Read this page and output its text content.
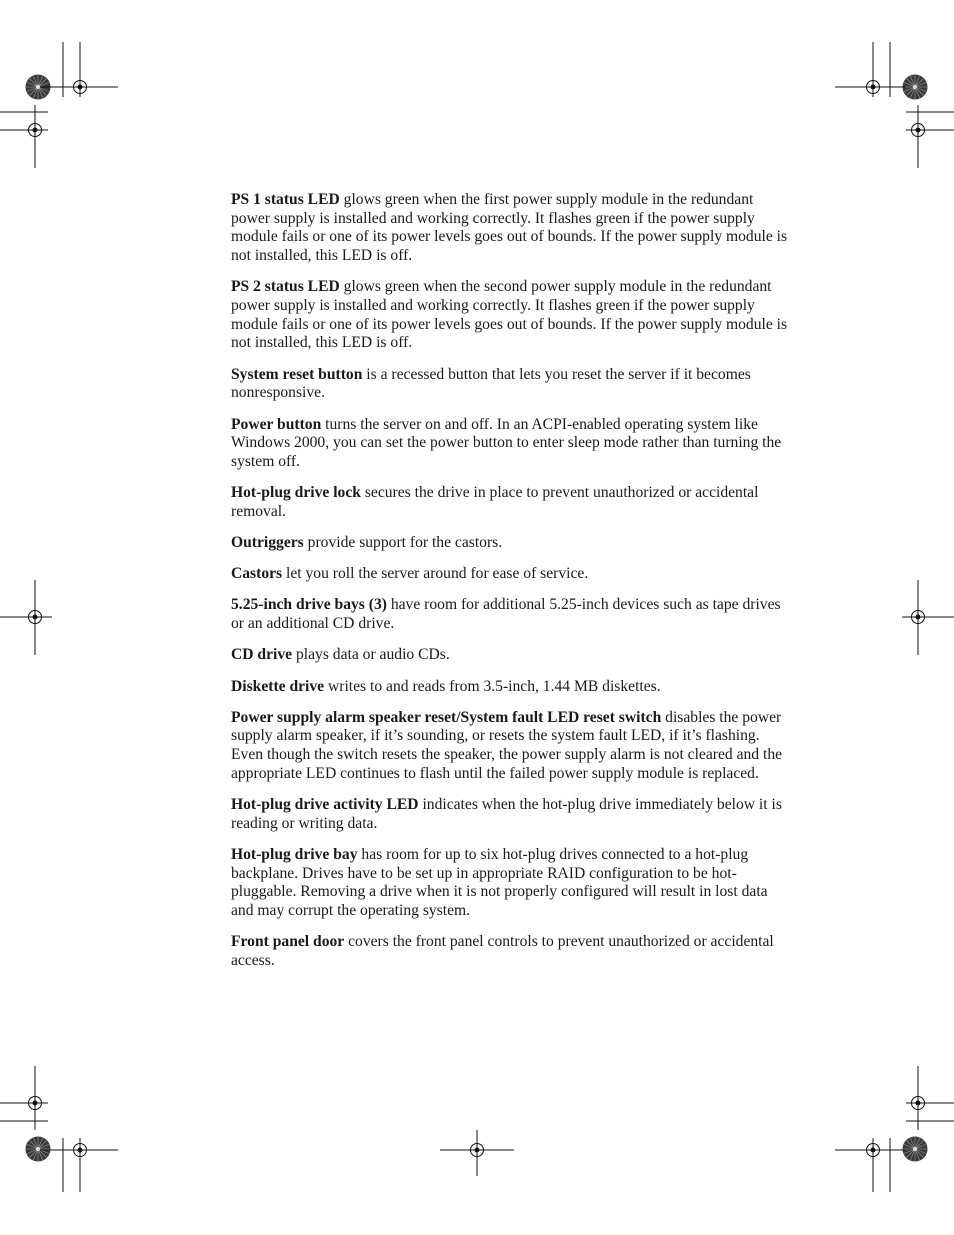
PS 1 status LED glows green when the first power supply module in the redundant power supply is installed and working correctly. It flashes green if the power supply module fails or one of its power levels goes out of bounds. If the power supply module is not installed, this LED is off.

PS 2 status LED glows green when the second power supply module in the redundant power supply is installed and working correctly. It flashes green if the power supply module fails or one of its power levels goes out of bounds. If the power supply module is not installed, this LED is off.

System reset button is a recessed button that lets you reset the server if it becomes nonresponsive.

Power button turns the server on and off. In an ACPI-enabled operating system like Windows 2000, you can set the power button to enter sleep mode rather than turning the system off.

Hot-plug drive lock secures the drive in place to prevent unauthorized or accidental removal.

Outriggers provide support for the castors.

Castors let you roll the server around for ease of service.

5.25-inch drive bays (3) have room for additional 5.25-inch devices such as tape drives or an additional CD drive.

CD drive plays data or audio CDs.

Diskette drive writes to and reads from 3.5-inch, 1.44 MB diskettes.

Power supply alarm speaker reset/System fault LED reset switch disables the power supply alarm speaker, if it’s sounding, or resets the system fault LED, if it’s flashing. Even though the switch resets the speaker, the power supply alarm is not cleared and the appropriate LED continues to flash until the failed power supply module is replaced.

Hot-plug drive activity LED indicates when the hot-plug drive immediately below it is reading or writing data.

Hot-plug drive bay has room for up to six hot-plug drives connected to a hot-plug backplane. Drives have to be set up in appropriate RAID configuration to be hot-pluggable. Removing a drive when it is not properly configured will result in lost data and may corrupt the operating system.

Front panel door covers the front panel controls to prevent unauthorized or accidental access.
